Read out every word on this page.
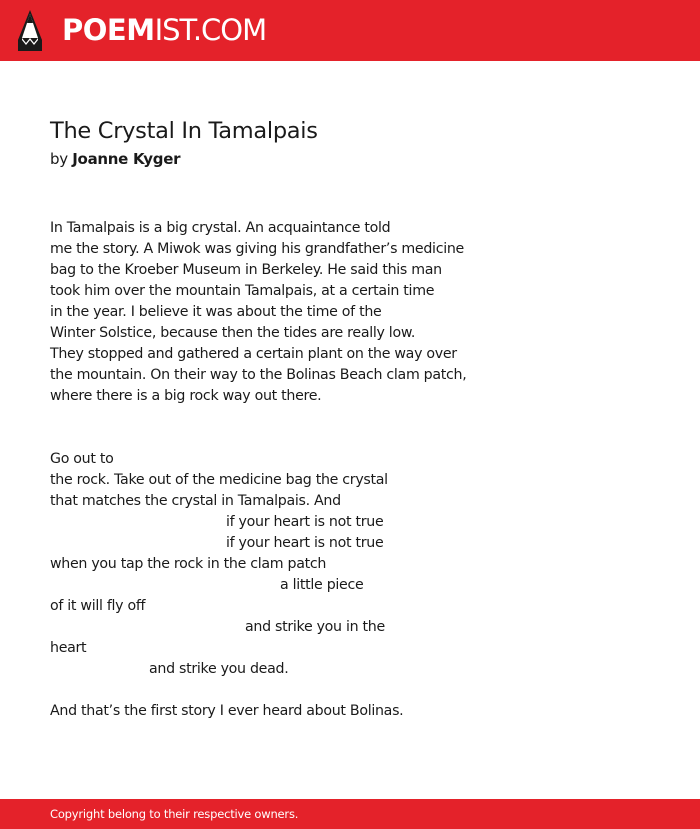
POEMIST.COM
The Crystal In Tamalpais
by Joanne Kyger
In Tamalpais is a big crystal. An acquaintance told
me the story. A Miwok was giving his grandfather’s medicine
bag to the Kroeber Museum in Berkeley. He said this man
took him over the mountain Tamalpais, at a certain time
in the year. I believe it was about the time of the
Winter Solstice, because then the tides are really low.
They stopped and gathered a certain plant on the way over
the mountain. On their way to the Bolinas Beach clam patch,
where there is a big rock way out there.
Go out to
the rock. Take out of the medicine bag the crystal
that matches the crystal in Tamalpais. And
if your heart is not true
if your heart is not true
when you tap the rock in the clam patch
a little piece
of it will fly off
and strike you in the
heart
and strike you dead.
And that’s the first story I ever heard about Bolinas.
Copyright belong to their respective owners.
